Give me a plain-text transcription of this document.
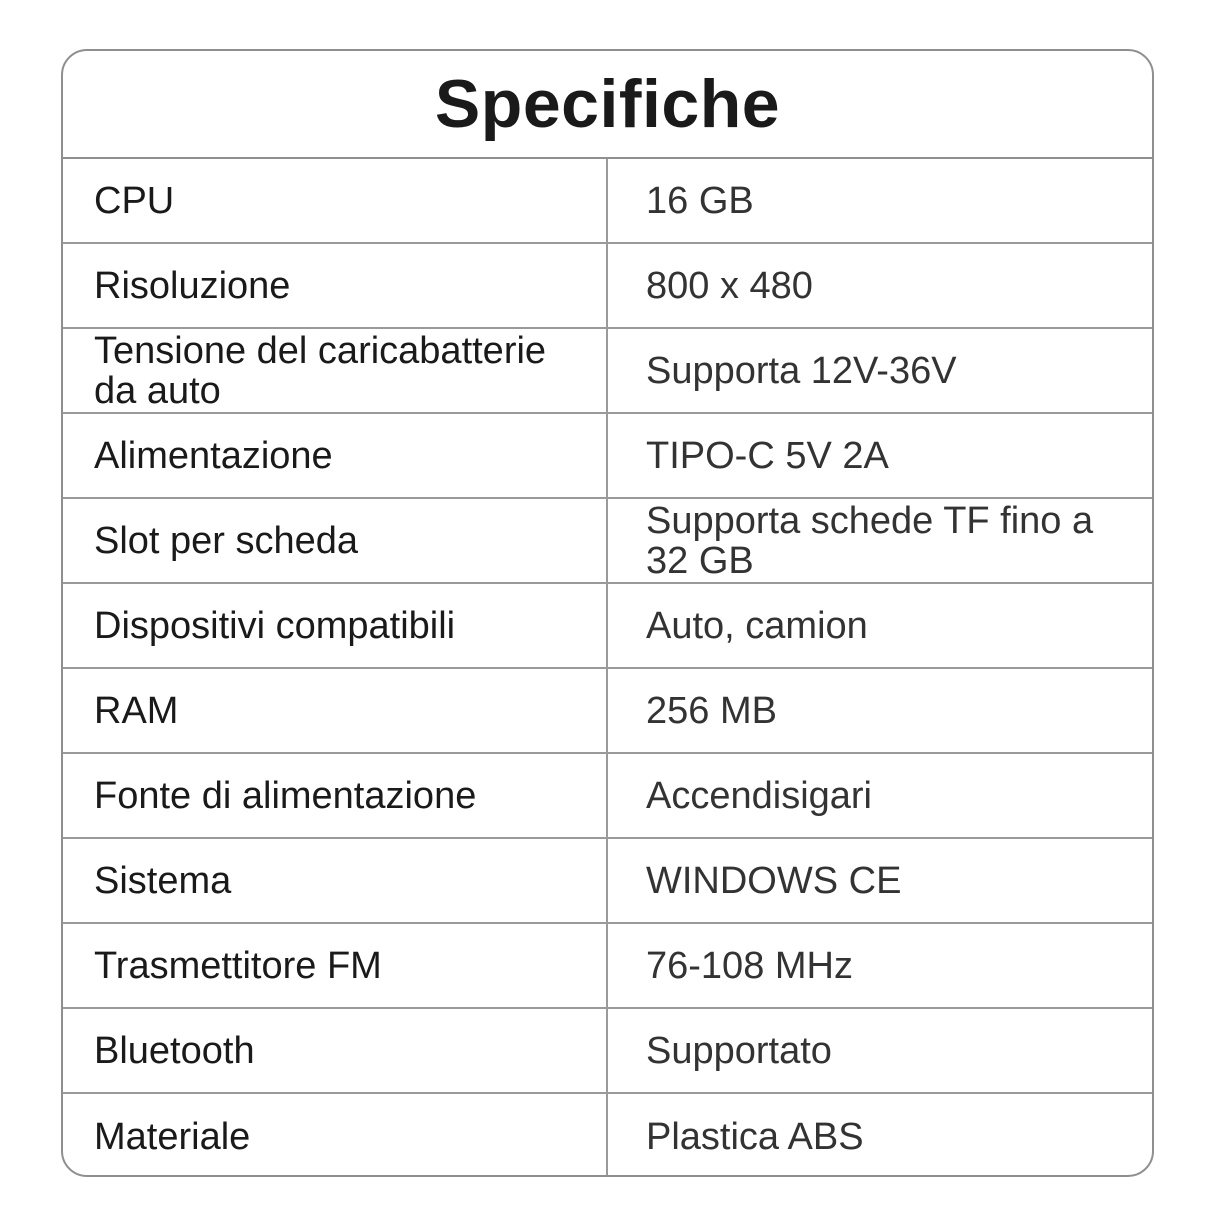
Specifiche
CPU	16 GB
Risoluzione	800 x 480
Tensione del caricabatterie da auto	Supporta 12V-36V
Alimentazione	TIPO-C 5V 2A
Slot per scheda	Supporta schede TF fino a 32 GB
Dispositivi compatibili	Auto, camion
RAM	256 MB
Fonte di alimentazione	Accendisigari
Sistema	WINDOWS CE
Trasmettitore FM	76-108 MHz
Bluetooth	Supportato
Materiale	Plastica ABS
